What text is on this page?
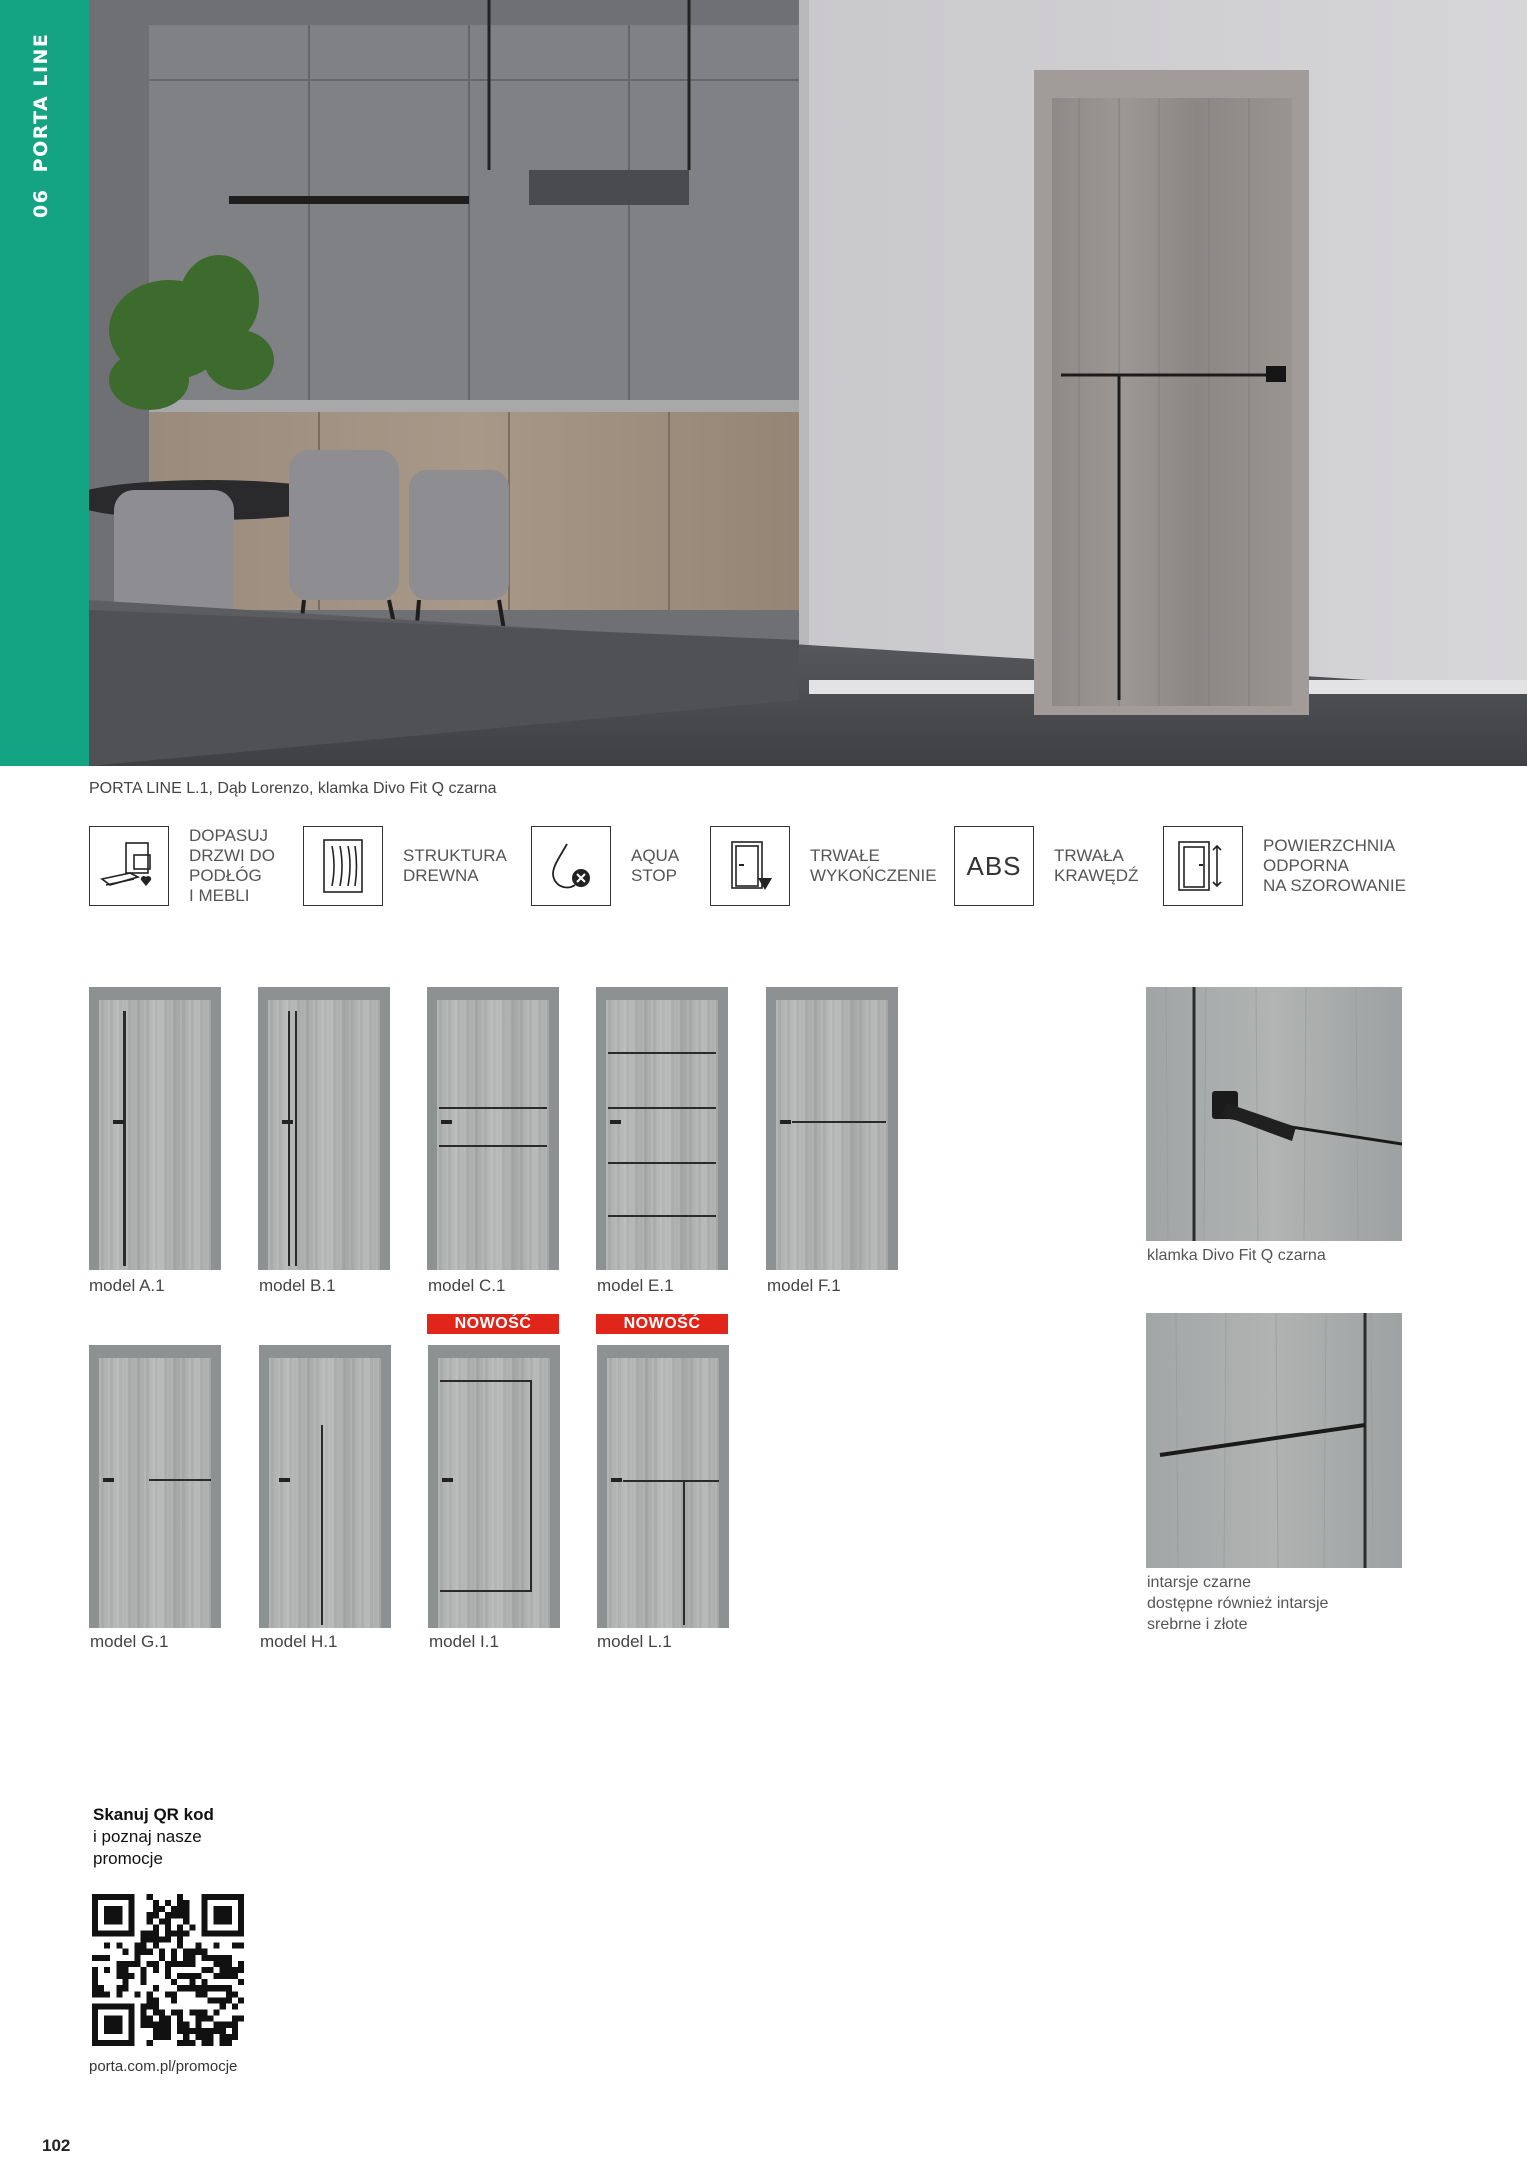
06  PORTA LINE
PORTA LINE L.1, Dąb Lorenzo, klamka Divo Fit Q czarna
DOPASUJ
DRZWI DO
PODŁÓG
I MEBLI
STRUKTURA
DREWNA
AQUA
STOP
TRWAŁE
WYKOŃCZENIE ABS TRWAŁA
KRAWĘDŹ
POWIERZCHNIA
ODPORNA
NA SZOROWANIE
model A.1	model B.1	model C.1	model E.1	model F.1
NOWOŚĆ	NOWOŚĆ
model G.1	model H.1	model I.1	model L.1
klamka Divo Fit Q czarna
intarsje czarne
dostępne również intarsje
srebrne i złote
Skanuj QR kod
i poznaj nasze
promocje
porta.com.pl/promocje
102
